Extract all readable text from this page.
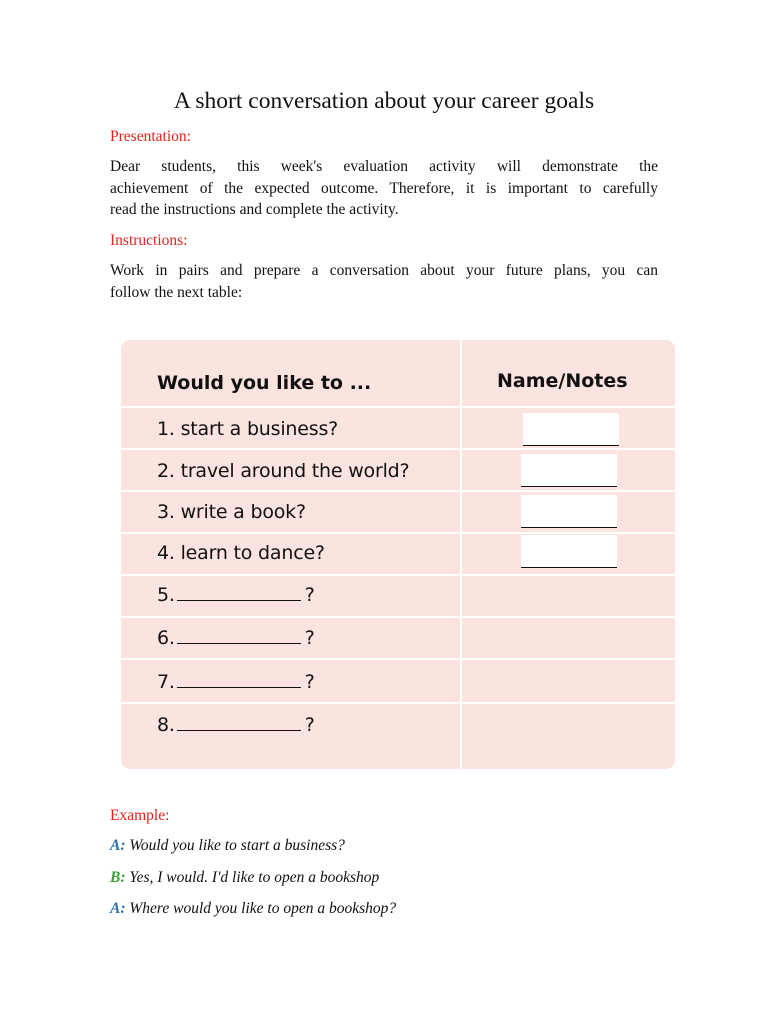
A short conversation about your career goals
Presentation:
Dear students, this week's evaluation activity will demonstrate the
achievement of the expected outcome. Therefore, it is important to carefully
read the instructions and complete the activity.
Instructions:
Work in pairs and prepare a conversation about your future plans, you can
follow the next table:
Would you like to ...	Name/Notes
1. start a business?
2. travel around the world?
3. write a book?
4. learn to dance?
5.	?
6.	?
7.	?
8.	?
Example:
A: Would you like to start a business?
B: Yes, I would. I'd like to open a bookshop
A: Where would you like to open a bookshop?
